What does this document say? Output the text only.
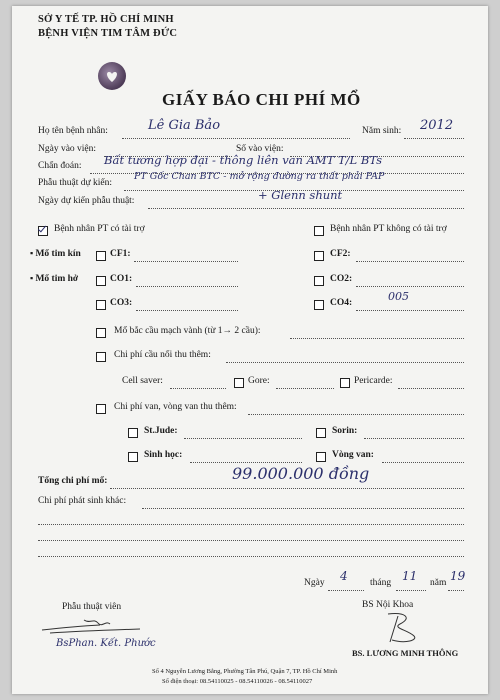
SỞ Y TẾ TP. HỒ CHÍ MINH
BỆNH VIỆN TIM TÂM ĐỨC
GIẤY BÁO CHI PHÍ MỔ
Họ tên bệnh nhân:	Lê Gia Bảo	Năm sinh: 2012
Ngày vào viện:	Số vào viện:
Chẩn đoán: Bất tương hợp đại - thông liên van AMT T/L BTs
Phẫu thuật dự kiến:
PT Gốc Chan BTC - mở rộng đường ra thất phải PAP
Ngày dự kiến phẫu thuật:	+ Glenn shunt
Bệnh nhân PT có tài trợ	Bệnh nhân PT không có tài trợ
▪ Mổ tim kín	CF1:	CF2:
▪ Mổ tim hở	CO1:	CO2:
CO3:	CO4:	005
Mổ bắc cầu mạch vành (từ 1→ 2 cầu):
Chi phí cầu nối thu thêm:
Cell saver:	Gore:	Pericarde:
Chi phí van, vòng van thu thêm:
St.Jude:	Sorin:
Sinh học:	Vòng van:
Tổng chi phí mổ:	99.000.000 đồng
Chi phí phát sinh khác:
Ngày 4 tháng 11 năm 19
Phẫu thuật viên
BsPhan. Kết. Phước
BS Nội Khoa
BS. LƯƠNG MINH THÔNG
Số 4 Nguyễn Lương Bằng, Phường Tân Phú, Quận 7, TP. Hồ Chí Minh
Số điện thoại: 08.54110025 - 08.54110026 - 08.54110027
